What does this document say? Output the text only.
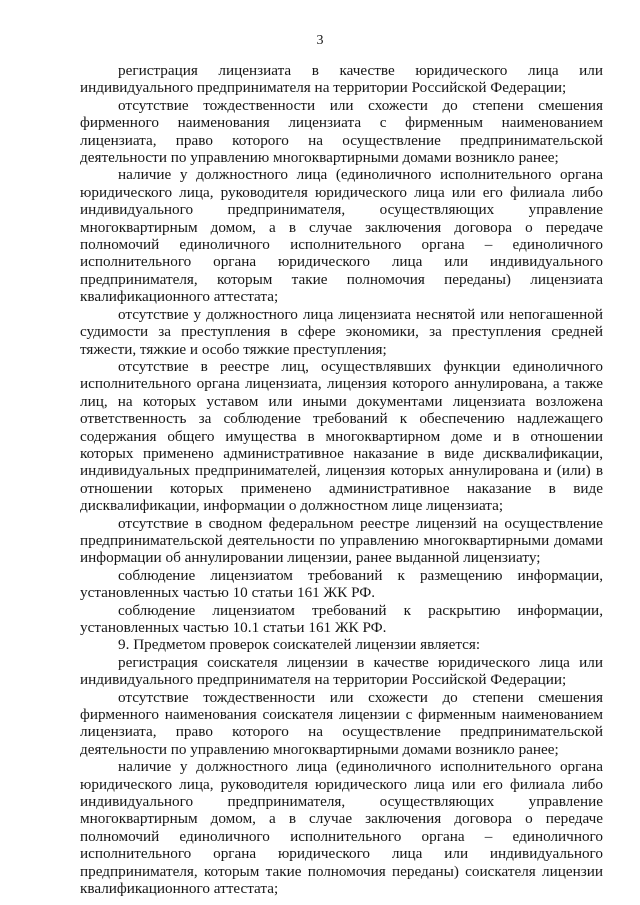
3

регистрация лицензиата в качестве юридического лица или индивидуального предпринимателя на территории Российской Федерации;

отсутствие тождественности или схожести до степени смешения фирменного наименования лицензиата с фирменным наименованием лицензиата, право которого на осуществление предпринимательской деятельности по управлению многоквартирными домами возникло ранее;

наличие у должностного лица (единоличного исполнительного органа юридического лица, руководителя юридического лица или его филиала либо индивидуального предпринимателя, осуществляющих управление многоквартирным домом, а в случае заключения договора о передаче полномочий единоличного исполнительного органа – единоличного исполнительного органа юридического лица или индивидуального предпринимателя, которым такие полномочия переданы) лицензиата квалификационного аттестата;

отсутствие у должностного лица лицензиата неснятой или непогашенной судимости за преступления в сфере экономики, за преступления средней тяжести, тяжкие и особо тяжкие преступления;

отсутствие в реестре лиц, осуществлявших функции единоличного исполнительного органа лицензиата, лицензия которого аннулирована, а также лиц, на которых уставом или иными документами лицензиата возложена ответственность за соблюдение требований к обеспечению надлежащего содержания общего имущества в многоквартирном доме и в отношении которых применено административное наказание в виде дисквалификации, индивидуальных предпринимателей, лицензия которых аннулирована и (или) в отношении которых применено административное наказание в виде дисквалификации, информации о должностном лице лицензиата;

отсутствие в сводном федеральном реестре лицензий на осуществление предпринимательской деятельности по управлению многоквартирными домами информации об аннулировании лицензии, ранее выданной лицензиату;

соблюдение лицензиатом требований к размещению информации, установленных частью 10 статьи 161 ЖК РФ.

соблюдение лицензиатом требований к раскрытию информации, установленных частью 10.1 статьи 161 ЖК РФ.

9. Предметом проверок соискателей лицензии является:

регистрация соискателя лицензии в качестве юридического лица или индивидуального предпринимателя на территории Российской Федерации;

отсутствие тождественности или схожести до степени смешения фирменного наименования соискателя лицензии с фирменным наименованием лицензиата, право которого на осуществление предпринимательской деятельности по управлению многоквартирными домами возникло ранее;

наличие у должностного лица (единоличного исполнительного органа юридического лица, руководителя юридического лица или его филиала либо индивидуального предпринимателя, осуществляющих управление многоквартирным домом, а в случае заключения договора о передаче полномочий единоличного исполнительного органа – единоличного исполнительного органа юридического лица или индивидуального предпринимателя, которым такие полномочия переданы) соискателя лицензии квалификационного аттестата;
